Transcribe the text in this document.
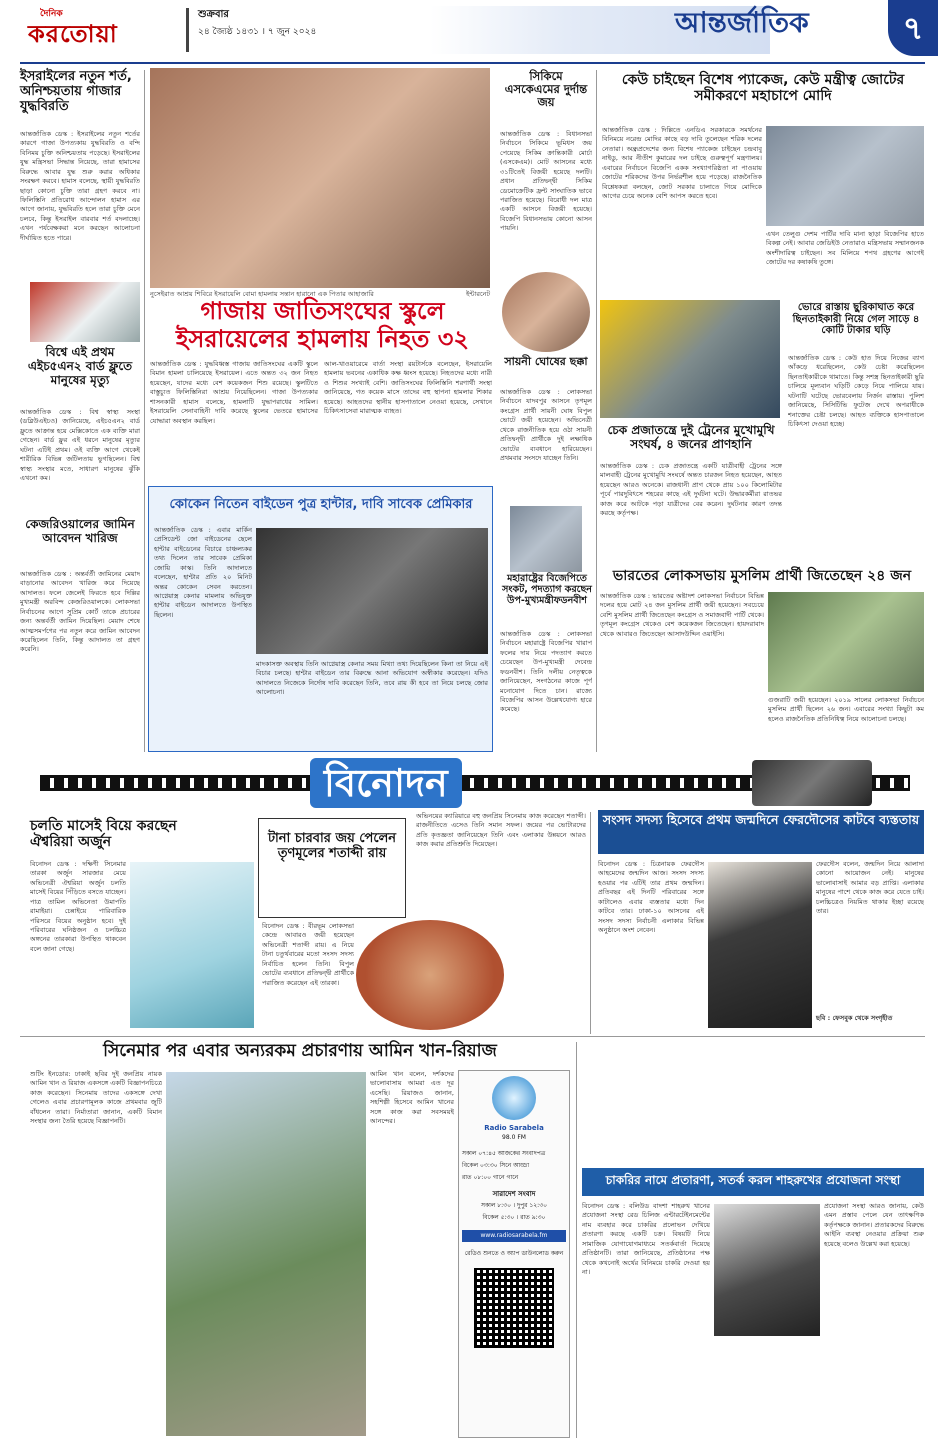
দৈনিক
করতোয়া
শুক্রবার
২৪ জ্যৈষ্ঠ ১৪৩১ । ৭ জুন ২০২৪	আন্তর্জাতিক	৭
ইসরাইলের নতুন শর্ত, অনিশ্চয়তায় গাজার যুদ্ধবিরতি
আন্তর্জাতিক ডেস্ক : ইসরাইলের নতুন শর্তের কারণে গাজা উপত্যকায় যুদ্ধবিরতি ও বন্দি বিনিময় চুক্তি অনিশ্চয়তায় পড়েছে। ইসরাইলের যুদ্ধ মন্ত্রিসভা সিদ্ধান্ত নিয়েছে, তারা হামাসের বিরুদ্ধে আবার যুদ্ধ শুরু করার অধিকার সংরক্ষণ করবে। হামাস বলেছে, স্থায়ী যুদ্ধবিরতি ছাড়া কোনো চুক্তি তারা গ্রহণ করবে না। ফিলিস্তিনি প্রতিরোধ আন্দোলন হামাস এর আগে জানায়, যুদ্ধবিরতি হলে তারা চুক্তি মেনে চলবে, কিন্তু ইসরাইল বারবার শর্ত বদলাচ্ছে। এখন পর্যবেক্ষকরা মনে করছেন আলোচনা দীর্ঘায়িত হতে পারে।
বিশ্বে এই প্রথম এইচ৫এন২ বার্ড ফ্লুতে মানুষের মৃত্যু
আন্তর্জাতিক ডেস্ক : বিশ্ব স্বাস্থ্য সংস্থা (ডব্লিউএইচও) জানিয়েছে, এইচ৫এন২ বার্ড ফ্লুতে আক্রান্ত হয়ে মেক্সিকোতে এক ব্যক্তি মারা গেছেন। বার্ড ফ্লুর এই ধরনে মানুষের মৃত্যুর ঘটনা এটিই প্রথম। ওই ব্যক্তি আগে থেকেই শারীরিক বিভিন্ন জটিলতায় ভুগছিলেন। বিশ্ব স্বাস্থ্য সংস্থার মতে, সাধারণ মানুষের ঝুঁকি এখনো কম।
কেজরিওয়ালের জামিন আবেদন খারিজ
আন্তর্জাতিক ডেস্ক : অন্তর্বর্তী জামিনের মেয়াদ বাড়ানোর আবেদন খারিজ করে দিয়েছে আদালত। ফলে জেলেই ফিরতে হবে দিল্লির মুখ্যমন্ত্রী অরবিন্দ কেজরিওয়ালকে। লোকসভা নির্বাচনের আগে সুপ্রিম কোর্ট তাকে প্রচারের জন্য অন্তর্বর্তী জামিন দিয়েছিল। মেয়াদ শেষে আত্মসমর্পণের পর নতুন করে জামিন আবেদন করেছিলেন তিনি, কিন্তু আদালত তা গ্রহণ করেনি।
নুসেইরাত আশ্রয় শিবিরে ইসরায়েলি বোমা হামলায় সন্তান হারানো এক পিতার আহাজারি	ইন্টারনেট
গাজায় জাতিসংঘের স্কুলে ইসরায়েলের হামলায় নিহত ৩২
আন্তর্জাতিক ডেস্ক : যুদ্ধবিধ্বস্ত গাজায় জাতিসংঘের একটি স্কুলে বিমান হামলা চালিয়েছে ইসরায়েল। এতে অন্তত ৩২ জন নিহত হয়েছেন, যাদের মধ্যে বেশ কয়েকজন শিশু রয়েছে। স্কুলটিতে বাস্তুচ্যুত ফিলিস্তিনিরা আশ্রয় নিয়েছিলেন। গাজা উপত্যকার শাসনকারী হামাস বলেছে, হামলাটি যুদ্ধাপরাধের সামিল। ইসরায়েলি সেনাবাহিনী দাবি করেছে স্কুলের ভেতরে হামাসের যোদ্ধারা অবস্থান করছিল।
আল-খাওয়ারেমে বার্তা সংস্থা রয়টার্সকে বলেছেন, ইসরায়েলি হামলায় ভবনের একাধিক কক্ষ ধ্বংস হয়েছে। নিহতদের মধ্যে নারী ও শিশুর সংখ্যাই বেশি। জাতিসংঘের ফিলিস্তিনি শরণার্থী সংস্থা জানিয়েছে, গত কয়েক মাসে তাদের বহু স্থাপনা হামলার শিকার হয়েছে। আহতদের স্থানীয় হাসপাতালে নেওয়া হয়েছে, সেখানে চিকিৎসাসেবা মারাত্মক ব্যাহত।
কোকেন নিতেন বাইডেন পুত্র হান্টার, দাবি সাবেক প্রেমিকার
আন্তর্জাতিক ডেস্ক : এবার মার্কিন প্রেসিডেন্ট জো বাইডেনের ছেলে হান্টার বাইডেনের বিচারে চাঞ্চল্যকর তথ্য দিলেন তার সাবেক প্রেমিকা জোয়ি কাস্ক। তিনি আদালতে বলেছেন, হান্টার প্রতি ২০ মিনিট অন্তর কোকেন সেবন করতেন। আগ্নেয়াস্ত্র কেনার মামলায় অভিযুক্ত হান্টার বাইডেন আদালতে উপস্থিত ছিলেন।
মাদকাসক্ত অবস্থায় তিনি আগ্নেয়াস্ত্র কেনার সময় মিথ্যা তথ্য দিয়েছিলেন কিনা তা নিয়ে এই বিচার চলছে। হান্টার বাইডেন তার বিরুদ্ধে আনা অভিযোগ অস্বীকার করেছেন। যদিও আদালতে নিজেকে নির্দোষ দাবি করেছেন তিনি, তবে রায় কী হবে তা নিয়ে চলছে জোর আলোচনা।
সিকিমে এসকেএমের দুর্দান্ত জয়
আন্তর্জাতিক ডেস্ক : বিধানসভা নির্বাচনে সিকিমে ভূমিধস জয় পেয়েছে সিকিম ক্রান্তিকারী মোর্চা (এসকেএম)। মোট আসনের মধ্যে ৩১টিতেই বিজয়ী হয়েছে দলটি। প্রধান প্রতিদ্বন্দ্বী সিকিম ডেমোক্রেটিক ফ্রন্ট সাংঘাতিক ভাবে পরাজিত হয়েছে। বিরোধী দল মাত্র একটি আসনে বিজয়ী হয়েছে। বিজেপি বিধানসভায় কোনো আসন পায়নি।
সায়নী ঘোষের ছক্কা
আন্তর্জাতিক ডেস্ক : লোকসভা নির্বাচনে যাদবপুর আসনে তৃণমূল কংগ্রেস প্রার্থী সায়নী ঘোষ বিপুল ভোটে জয়ী হয়েছেন। অভিনেত্রী থেকে রাজনীতিক হয়ে ওঠা সায়নী প্রতিদ্বন্দ্বী প্রার্থীকে দুই লক্ষাধিক ভোটের ব্যবধানে হারিয়েছেন। প্রথমবার সংসদে যাচ্ছেন তিনি।
মহারাষ্ট্রের বিজেপিতে সংকট, পদত্যাগ করছেন উপ-মুখ্যমন্ত্রীফডনবীশ
আন্তর্জাতিক ডেস্ক : লোকসভা নির্বাচনে মহারাষ্ট্রে বিজেপির খারাপ ফলের দায় নিয়ে পদত্যাগ করতে চেয়েছেন উপ-মুখ্যমন্ত্রী দেবেন্দ্র ফডনবীশ। তিনি দলীয় নেতৃত্বকে জানিয়েছেন, সংগঠনের কাজে পূর্ণ মনোযোগ দিতে চান। রাজ্যে বিজেপির আসন উল্লেখযোগ্য হারে কমেছে।
কেউ চাইছেন বিশেষ প্যাকেজ, কেউ মন্ত্রীত্ব জোটের সমীকরণে মহাচাপে মোদি
আন্তর্জাতিক ডেস্ক : দিল্লিতে এনডিএ সরকারকে সমর্থনের বিনিময়ে নরেন্দ্র মোদির কাছে বড় দাবি তুলেছেন শরিক দলের নেতারা। অন্ধ্রপ্রদেশের জন্য বিশেষ প্যাকেজ চাইছেন চন্দ্রবাবু নাইডু, আর নীতীশ কুমারের দল চাইছে গুরুত্বপূর্ণ মন্ত্রণালয়। এবারের নির্বাচনে বিজেপি একক সংখ্যাগরিষ্ঠতা না পাওয়ায় জোটের শরিকদের উপর নির্ভরশীল হয়ে পড়েছে। রাজনৈতিক বিশ্লেষকরা বলছেন, জোট সরকার চালাতে গিয়ে মোদিকে আগের চেয়ে অনেক বেশি আপস করতে হবে।
এখন তেলুগু দেশম পার্টির দাবি মানা ছাড়া বিজেপির হাতে বিকল্প নেই। আবার জেডিইউ নেতারাও মন্ত্রিসভায় সম্মানজনক অংশীদারিত্ব চাইছেন। সব মিলিয়ে শপথ গ্রহণের আগেই জোটের দর কষাকষি তুঙ্গে।
চেক প্রজাতন্ত্রে দুই ট্রেনের মুখোমুখি সংঘর্ষ, ৪ জনের প্রাণহানি
আন্তর্জাতিক ডেস্ক : চেক প্রজাতন্ত্রে একটি যাত্রীবাহী ট্রেনের সঙ্গে মালবাহী ট্রেনের মুখোমুখি সংঘর্ষে অন্তত চারজন নিহত হয়েছেন, আহত হয়েছেন আরও অনেকে। রাজধানী প্রাগ থেকে প্রায় ১০০ কিলোমিটার পূর্বে পারদুবিৎসে শহরের কাছে এই দুর্ঘটনা ঘটে। উদ্ধারকর্মীরা রাতভর কাজ করে আটকে পড়া যাত্রীদের বের করেন। দুর্ঘটনার কারণ তদন্ত করছে কর্তৃপক্ষ।
ভোরে রাস্তায় ছুরিকাঘাত করে ছিনতাইকারী নিয়ে গেল সাড়ে ৪ কোটি টাকার ঘড়ি
আন্তর্জাতিক ডেস্ক : কেউ হাত দিয়ে নিজের ব্যাগ আঁকড়ে ধরেছিলেন, কেউ চেষ্টা করেছিলেন ছিনতাইকারীকে থামাতে। কিন্তু সশস্ত্র ছিনতাইকারী ছুরি চালিয়ে মূল্যবান ঘড়িটি কেড়ে নিয়ে পালিয়ে যায়। ঘটনাটি ঘটেছে ভোরবেলায় নির্জন রাস্তায়। পুলিশ জানিয়েছে, সিসিটিভি ফুটেজ দেখে অপরাধীকে শনাক্তের চেষ্টা চলছে। আহত ব্যক্তিকে হাসপাতালে চিকিৎসা দেওয়া হচ্ছে।
ভারতের লোকসভায় মুসলিম প্রার্থী জিতেছেন ২৪ জন
আন্তর্জাতিক ডেস্ক : ভারতের অষ্টাদশ লোকসভা নির্বাচনে বিভিন্ন দলের হয়ে মোট ২৪ জন মুসলিম প্রার্থী জয়ী হয়েছেন। সবচেয়ে বেশি মুসলিম প্রার্থী জিতেছেন কংগ্রেস ও সমাজবাদী পার্টি থেকে। তৃণমূল কংগ্রেস থেকেও বেশ কয়েকজন জিতেছেন। হায়দরাবাদ থেকে আবারও জিতেছেন আসাদউদ্দিন ওয়াইসি।
গুজরাটি জয়ী হয়েছেন। ২০১৯ সালের লোকসভা নির্বাচনে মুসলিম প্রার্থী ছিলেন ২৬ জন। এবারের সংখ্যা কিছুটা কম হলেও রাজনৈতিক প্রতিনিধিত্ব নিয়ে আলোচনা চলছে।
বিনোদন
চলতি মাসেই বিয়ে করছেন ঐশ্বরিয়া অর্জুন
বিনোদন ডেস্ক : দক্ষিণী সিনেমার তারকা অর্জুন সারজার মেয়ে অভিনেত্রী ঐশ্বরিয়া অর্জুন চলতি মাসেই বিয়ের পিঁড়িতে বসতে যাচ্ছেন। পাত্র তামিল অভিনেতা উমাপতি রামাইয়া। চেন্নাইয়ে পারিবারিক পরিসরে বিয়ের অনুষ্ঠান হবে। দুই পরিবারের ঘনিষ্ঠজন ও চলচ্চিত্র অঙ্গনের তারকারা উপস্থিত থাকবেন বলে জানা গেছে।
টানা চারবার জয় পেলেন তৃণমূলের শতাব্দী রায়
বিনোদন ডেস্ক : বীরভূম লোকসভা কেন্দ্রে আবারও জয়ী হয়েছেন অভিনেত্রী শতাব্দী রায়। এ নিয়ে টানা চতুর্থবারের মতো সংসদ সদস্য নির্বাচিত হলেন তিনি। বিপুল ভোটের ব্যবধানে প্রতিদ্বন্দ্বী প্রার্থীকে পরাজিত করেছেন এই তারকা।
অভিনয়ের ক্যারিয়ারে বহু জনপ্রিয় সিনেমায় কাজ করেছেন শতাব্দী। রাজনীতিতে এসেও তিনি সমান সফল। জয়ের পর ভোটারদের প্রতি কৃতজ্ঞতা জানিয়েছেন তিনি এবং এলাকার উন্নয়নে আরও কাজ করার প্রতিশ্রুতি দিয়েছেন।
সংসদ সদস্য হিসেবে প্রথম জন্মদিনে ফেরদৌসের কাটবে ব্যস্ততায়
বিনোদন ডেস্ক : চিত্রনায়ক ফেরদৌস আহমেদের জন্মদিন আজ। সংসদ সদস্য হওয়ার পর এটিই তার প্রথম জন্মদিন। প্রতিবছর এই দিনটি পরিবারের সঙ্গে কাটালেও এবার ব্যস্ততার মধ্যে দিন কাটবে তার। ঢাকা-১০ আসনের এই সংসদ সদস্য নির্বাচনী এলাকার বিভিন্ন অনুষ্ঠানে অংশ নেবেন।
ফেরদৌস বলেন, জন্মদিন নিয়ে আলাদা কোনো আয়োজন নেই। মানুষের ভালোবাসাই আমার বড় প্রাপ্তি। এলাকার মানুষের পাশে থেকে কাজ করে যেতে চাই। চলচ্চিত্রেও নিয়মিত থাকার ইচ্ছা রয়েছে তার।
ছবি : ফেসবুক থেকে সংগৃহীত
সিনেমার পর এবার অন্যরকম প্রচারণায় আমিন খান-রিয়াজ
শুটিং ইনডোর: ঢাকাই ছবির দুই জনপ্রিয় নায়ক আমিন খান ও রিয়াজ একসঙ্গে একটি বিজ্ঞাপনচিত্রে কাজ করেছেন। সিনেমায় তাদের একসঙ্গে দেখা গেলেও এবার প্রচারণামূলক কাজে প্রথমবার জুটি বাঁধলেন তারা। নির্মাতারা জানান, একটি বিমান সংস্থার জন্য তৈরি হয়েছে বিজ্ঞাপনটি।
আমিন খান বলেন, দর্শকদের ভালোবাসায় আমরা এত দূর এসেছি। রিয়াজও জানান, সহশিল্পী হিসেবে আমিন খানের সঙ্গে কাজ করা সবসময়ই আনন্দের।
Radio Sarabela
98.0 FM
সকাল ০৭:৪৫ আজকের সংবাদপত্র
বিকেল ০৩:৩০ সিনে আড্ডা
রাত ০৮:০০ গানে গানে
সারাদেশ সংবাদ
সকাল ৮:৩০ । দুপুর ১২:৩০
বিকেল ৫:৩০ । রাত ৯:৩০
www.radiosarabela.fm
রেডিও শুনতে ও অ্যাপ ডাউনলোড করুন
চাকরির নামে প্রতারণা, সতর্ক করল শাহরুখের প্রযোজনা সংস্থা
বিনোদন ডেস্ক : বলিউড বাদশা শাহরুখ খানের প্রযোজনা সংস্থা রেড চিলিজ এন্টারটেইনমেন্টের নাম ব্যবহার করে চাকরির প্রলোভন দেখিয়ে প্রতারণা করছে একটি চক্র। বিষয়টি নিয়ে সামাজিক যোগাযোগমাধ্যমে সতর্কবার্তা দিয়েছে প্রতিষ্ঠানটি। তারা জানিয়েছে, প্রতিষ্ঠানের পক্ষ থেকে কখনোই অর্থের বিনিময়ে চাকরি দেওয়া হয় না।
প্রযোজনা সংস্থা আরও জানায়, কেউ এমন প্রস্তাব পেলে যেন তাৎক্ষণিক কর্তৃপক্ষকে জানান। প্রতারকদের বিরুদ্ধে আইনি ব্যবস্থা নেওয়ার প্রক্রিয়া শুরু হয়েছে বলেও উল্লেখ করা হয়েছে।
